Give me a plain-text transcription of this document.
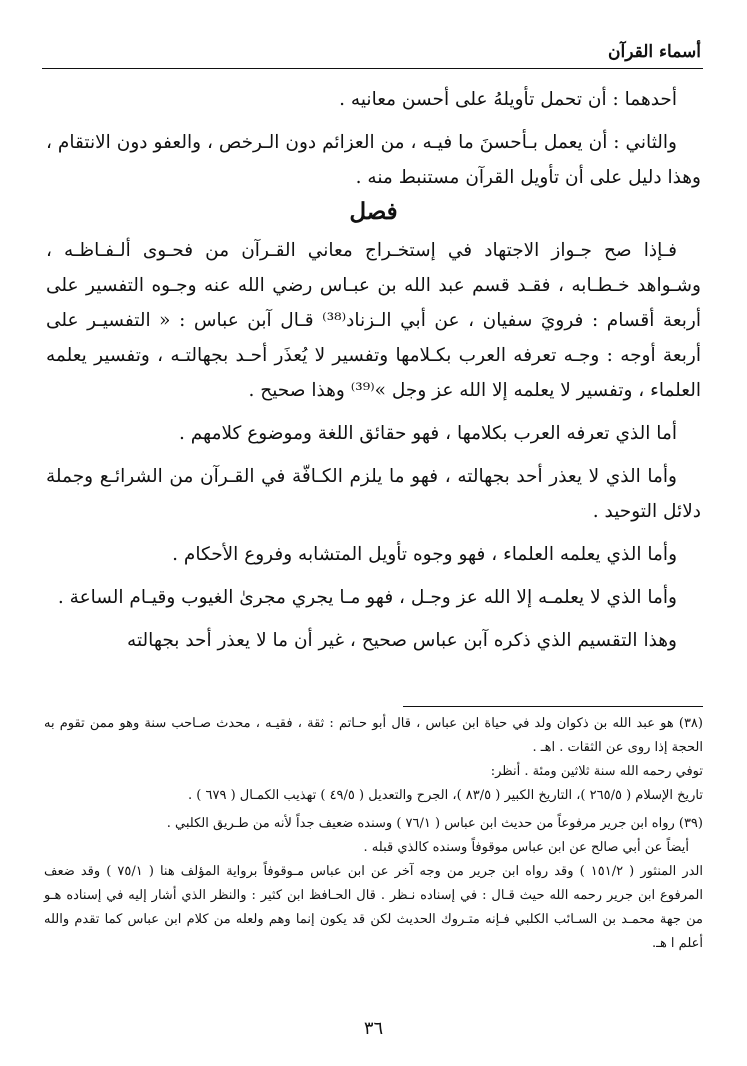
أسماء القرآن

أحدهما : أن تحمل تأويلهُ على أحسن معانيه .

والثاني : أن يعمل بـأحسنَ ما فيـه ، من العزائم دون الـرخص ، والعفو دون الانتقام ، وهذا دليل على أن تأويل القرآن مستنبط منه .

فصل

فـإذا صح جـواز الاجتهاد في إستخـراج معاني القـرآن من فحـوى ألـفـاظـه ، وشـواهد خـطـابه ، فقـد قسم عبد الله بن عبـاس رضي الله عنه وجـوه التفسير على أربعة أقسام : فرويَ سفيان ، عن أبي الـزناد⁽³⁸⁾ قـال آبن عباس : « التفسيـر على أربعة أوجه : وجـه تعرفه العرب بكـلامها وتفسير لا يُعذَر أحـد بجهالتـه ، وتفسير يعلمه العلماء ، وتفسير لا يعلمه إلا الله عز وجل »⁽³⁹⁾ وهذا صحيح .

أما الذي تعرفه العرب بكلامها ، فهو حقائق اللغة وموضوع كلامهم .

وأما الذي لا يعذر أحد بجهالته ، فهو ما يلزم الكـافّة في القـرآن من الشرائـع وجملة دلائل التوحيد .

وأما الذي يعلمه العلماء ، فهو وجوه تأويل المتشابه وفروع الأحكام .

وأما الذي لا يعلمـه إلا الله عز وجـل ، فهو مـا يجري مجرىٰ الغيوب وقيـام الساعة .

وهذا التقسيم الذي ذكره آبن عباس صحيح ، غير أن ما لا يعذر أحد بجهالته

(٣٨) هو عبد الله بن ذكوان ولد في حياة ابن عباس ، قال أبو حـاتم : ثقة ، فقيـه ، محدث صـاحب سنة وهو ممن تقوم به الحجة إذا روى عن الثقات . اهـ .
توفي رحمه الله سنة ثلاثين ومئة . أنظر:
تاريخ الإسلام ( ٢٦٥/٥ )، التاريخ الكبير ( ٨٣/٥ )، الجرح والتعديل ( ٤٩/٥ ) تهذيب الكمـال ( ٦٧٩ ) .
(٣٩) رواه ابن جرير مرفوعاً من حديث ابن عباس ( ٧٦/١ ) وسنده ضعيف جداً لأنه من طـريق الكلبي .
أيضاً عن أبي صالح عن ابن عباس موقوفاً وسنده كالذي قبله .
الدر المنثور ( ١٥١/٢ ) وقد رواه ابن جرير من وجه آخر عن ابن عباس مـوقوفاً برواية المؤلف هنا ( ٧٥/١ ) وقد ضعف المرفوع ابن جرير رحمه الله حيث قـال : في إسناده نـظر . قال الحـافظ ابن كثير : والنظر الذي أشار إليه في إسناده هـو من جهة محمـد بن السـائب الكلبي فـإنه متـروك الحديث لكن قد يكون إنما وهم ولعله من كلام ابن عباس كما تقدم والله أعلم ا هـ.
٣٦
